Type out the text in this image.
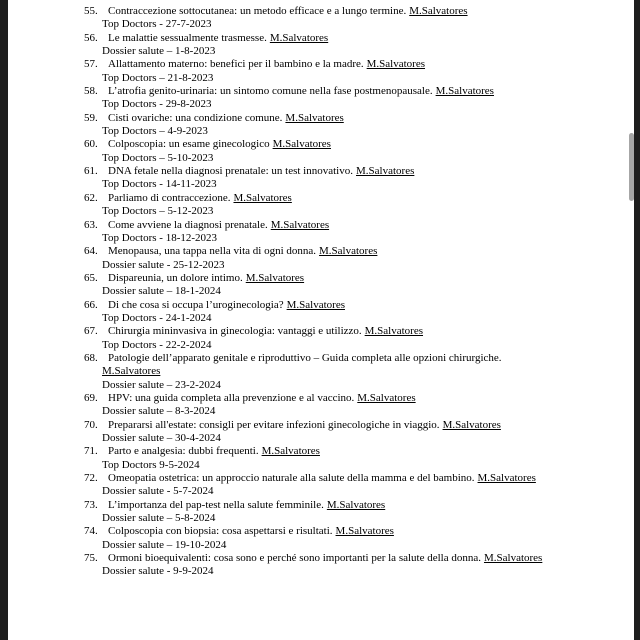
55. Contraccezione sottocutanea: un metodo efficace e a lungo termine. M.Salvatores
Top Doctors - 27-7-2023
56. Le malattie sessualmente trasmesse. M.Salvatores
Dossier salute – 1-8-2023
57. Allattamento materno: benefici per il bambino e la madre. M.Salvatores
Top Doctors – 21-8-2023
58. L’atrofia genito-urinaria: un sintomo comune nella fase postmenopausale. M.Salvatores
Top Doctors - 29-8-2023
59. Cisti ovariche: una condizione comune. M.Salvatores
Top Doctors – 4-9-2023
60. Colposcopia: un esame ginecologico M.Salvatores
Top Doctors – 5-10-2023
61. DNA fetale nella diagnosi prenatale: un test innovativo. M.Salvatores
Top Doctors - 14-11-2023
62. Parliamo di contraccezione. M.Salvatores
Top Doctors – 5-12-2023
63. Come avviene la diagnosi prenatale. M.Salvatores
Top Doctors - 18-12-2023
64. Menopausa, una tappa nella vita di ogni donna. M.Salvatores
Dossier salute - 25-12-2023
65. Dispareunia, un dolore intimo. M.Salvatores
Dossier salute – 18-1-2024
66. Di che cosa si occupa l’uroginecologia? M.Salvatores
Top Doctors - 24-1-2024
67. Chirurgia mininvasiva in ginecologia: vantaggi e utilizzo. M.Salvatores
Top Doctors - 22-2-2024
68. Patologie dell’apparato genitale e riproduttivo – Guida completa alle opzioni chirurgiche.
M.Salvatores
Dossier salute – 23-2-2024
69. HPV: una guida completa alla prevenzione e al vaccino. M.Salvatores
Dossier salute – 8-3-2024
70. Prepararsi all'estate: consigli per evitare infezioni ginecologiche in viaggio. M.Salvatores
Dossier salute – 30-4-2024
71. Parto e analgesia: dubbi frequenti. M.Salvatores
Top Doctors 9-5-2024
72. Omeopatia ostetrica: un approccio naturale alla salute della mamma e del bambino. M.Salvatores
Dossier salute - 5-7-2024
73. L’importanza del pap-test nella salute femminile. M.Salvatores
Dossier salute – 5-8-2024
74. Colposcopia con biopsia: cosa aspettarsi e risultati. M.Salvatores
Dossier salute – 19-10-2024
75. Ormoni bioequivalenti: cosa sono e perché sono importanti per la salute della donna. M.Salvatores
Dossier salute - 9-9-2024
